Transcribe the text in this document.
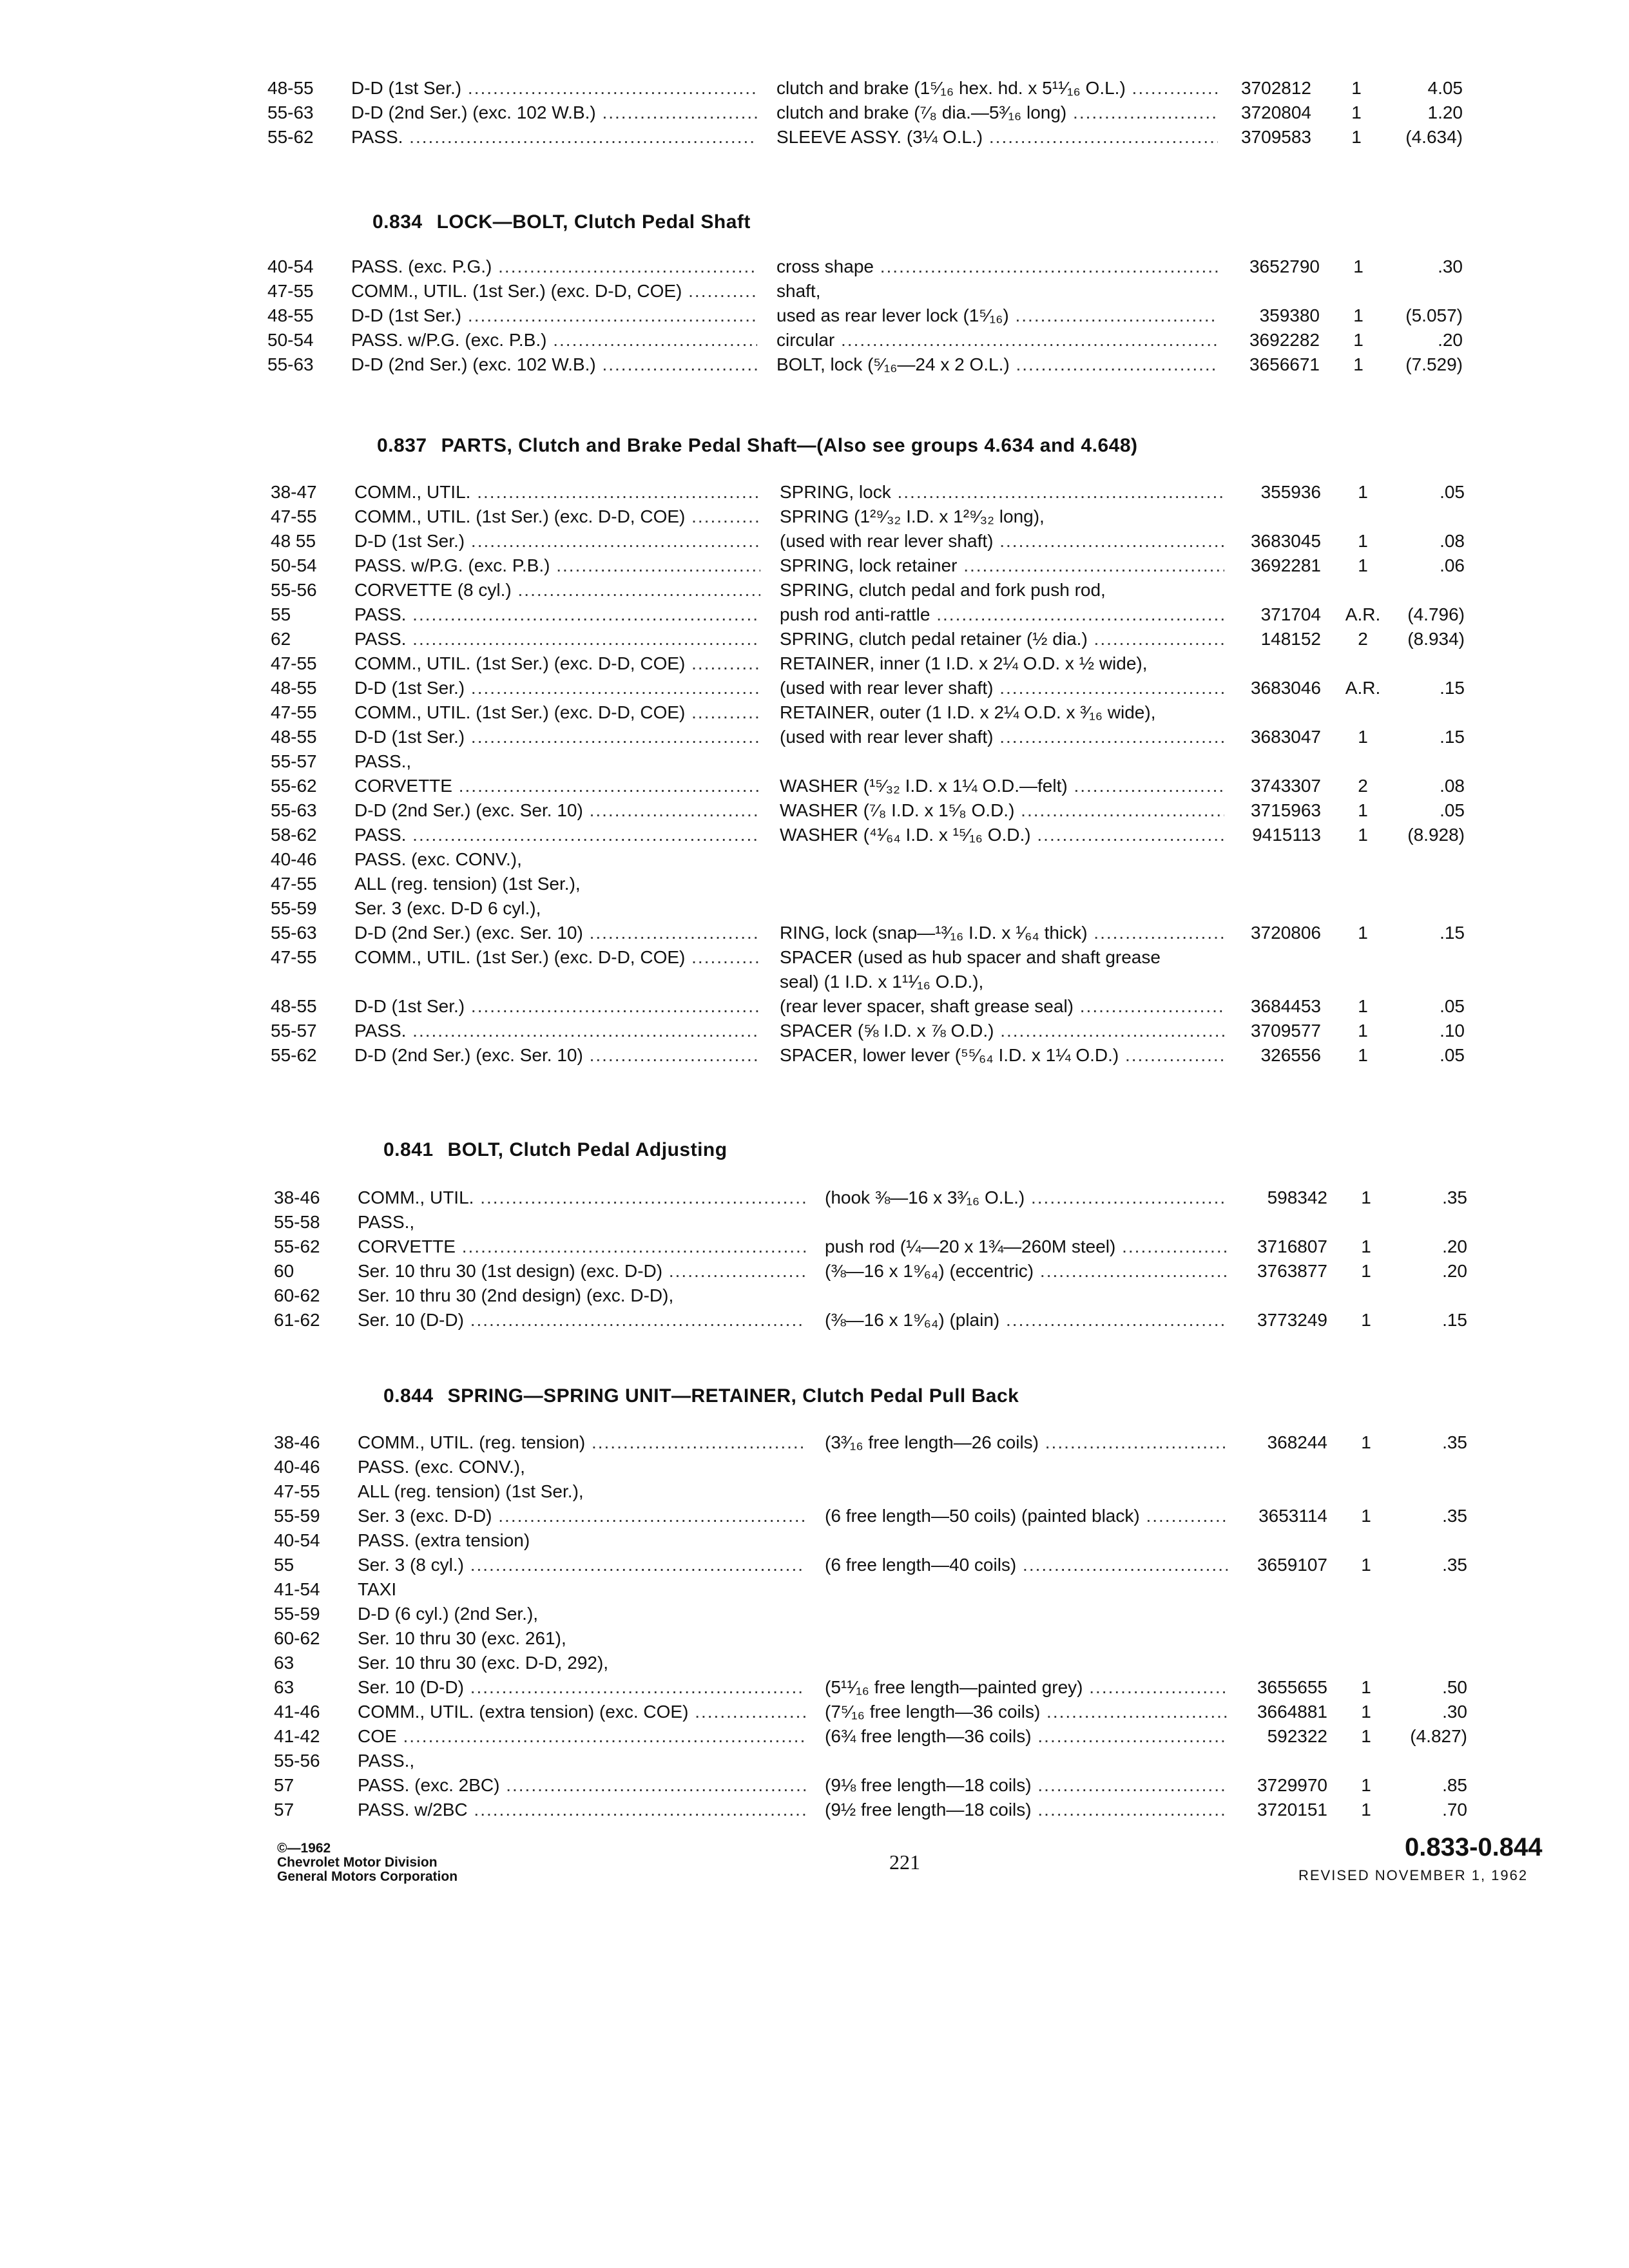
48-55	D-D (1st Ser.) .....	clutch and brake (1⁵⁄₁₆ hex. hd. x 5¹¹⁄₁₆ O.L.) .....	3702812	1	4.05
55-63	D-D (2nd Ser.) (exc. 102 W.B.) .....	clutch and brake (⁷⁄₈ dia.—5³⁄₁₆ long) .....	3720804	1	1.20
55-62	PASS. .....	SLEEVE ASSY. (3¼ O.L.) .....	3709583	1	(4.634)
0.834 LOCK—BOLT, Clutch Pedal Shaft
40-54	PASS. (exc. P.G.) .....	cross shape .....	3652790	1	.30
47-55	COMM., UTIL. (1st Ser.) (exc. D-D, COE) .....	shaft,
48-55	D-D (1st Ser.) .....	used as rear lever lock (1⁵⁄₁₆) .....	359380	1	(5.057)
50-54	PASS. w/P.G. (exc. P.B.) .....	circular .....	3692282	1	.20
55-63	D-D (2nd Ser.) (exc. 102 W.B.) .....	BOLT, lock (⁵⁄₁₆—24 x 2 O.L.) .....	3656671	1	(7.529)
0.837 PARTS, Clutch and Brake Pedal Shaft—(Also see groups 4.634 and 4.648)
38-47	COMM., UTIL. .....	SPRING, lock .....	355936	1	.05
47-55	COMM., UTIL. (1st Ser.) (exc. D-D, COE) .....	SPRING (1²⁹⁄₃₂ I.D. x 1²⁹⁄₃₂ long),
48 55	D-D (1st Ser.) .....	(used with rear lever shaft) .....	3683045	1	.08
50-54	PASS. w/P.G. (exc. P.B.) .....	SPRING, lock retainer .....	3692281	1	.06
55-56	CORVETTE (8 cyl.) .....	SPRING, clutch pedal and fork push rod,
55	PASS. .....	push rod anti-rattle .....	371704	A.R.	(4.796)
62	PASS. .....	SPRING, clutch pedal retainer (½ dia.) .....	148152	2	(8.934)
47-55	COMM., UTIL. (1st Ser.) (exc. D-D, COE) .....	RETAINER, inner (1 I.D. x 2¼ O.D. x ½ wide),
48-55	D-D (1st Ser.) .....	(used with rear lever shaft) .....	3683046	A.R.	.15
47-55	COMM., UTIL. (1st Ser.) (exc. D-D, COE) .....	RETAINER, outer (1 I.D. x 2¼ O.D. x ³⁄₁₆ wide),
48-55	D-D (1st Ser.) .....	(used with rear lever shaft) .....	3683047	1	.15
55-57	PASS.,
55-62	CORVETTE .....	WASHER (¹⁵⁄₃₂ I.D. x 1¼ O.D.—felt) .....	3743307	2	.08
55-63	D-D (2nd Ser.) (exc. Ser. 10) .....	WASHER (⁷⁄₈ I.D. x 1⁵⁄₈ O.D.) .....	3715963	1	.05
58-62	PASS. .....	WASHER (⁴¹⁄₆₄ I.D. x ¹⁵⁄₁₆ O.D.) .....	9415113	1	(8.928)
40-46	PASS. (exc. CONV.),
47-55	ALL (reg. tension) (1st Ser.),
55-59	Ser. 3 (exc. D-D 6 cyl.),
55-63	D-D (2nd Ser.) (exc. Ser. 10) .....	RING, lock (snap—¹³⁄₁₆ I.D. x ¹⁄₆₄ thick) .....	3720806	1	.15
47-55	COMM., UTIL. (1st Ser.) (exc. D-D, COE) .....	SPACER (used as hub spacer and shaft grease
seal) (1 I.D. x 1¹¹⁄₁₆ O.D.),
48-55	D-D (1st Ser.) .....	(rear lever spacer, shaft grease seal) .....	3684453	1	.05
55-57	PASS. .....	SPACER (⅝ I.D. x ⅞ O.D.) .....	3709577	1	.10
55-62	D-D (2nd Ser.) (exc. Ser. 10) .....	SPACER, lower lever (⁵⁵⁄₆₄ I.D. x 1¼ O.D.) .....	326556	1	.05
0.841 BOLT, Clutch Pedal Adjusting
38-46	COMM., UTIL. .....	(hook ⅜—16 x 3³⁄₁₆ O.L.) .....	598342	1	.35
55-58	PASS.,
55-62	CORVETTE .....	push rod (¼—20 x 1¾—260M steel) .....	3716807	1	.20
60	Ser. 10 thru 30 (1st design) (exc. D-D) .....	(⅜—16 x 1⁹⁄₆₄) (eccentric) .....	3763877	1	.20
60-62	Ser. 10 thru 30 (2nd design) (exc. D-D),
61-62	Ser. 10 (D-D) .....	(⅜—16 x 1⁹⁄₆₄) (plain) .....	3773249	1	.15
0.844 SPRING—SPRING UNIT—RETAINER, Clutch Pedal Pull Back
38-46	COMM., UTIL. (reg. tension) .....	(3³⁄₁₆ free length—26 coils) .....	368244	1	.35
40-46	PASS. (exc. CONV.),
47-55	ALL (reg. tension) (1st Ser.),
55-59	Ser. 3 (exc. D-D) .....	(6 free length—50 coils) (painted black) .....	3653114	1	.35
40-54	PASS. (extra tension)
55	Ser. 3 (8 cyl.) .....	(6 free length—40 coils) .....	3659107	1	.35
41-54	TAXI
55-59	D-D (6 cyl.) (2nd Ser.),
60-62	Ser. 10 thru 30 (exc. 261),
63	Ser. 10 thru 30 (exc. D-D, 292),
63	Ser. 10 (D-D) .....	(5¹¹⁄₁₆ free length—painted grey) .....	3655655	1	.50
41-46	COMM., UTIL. (extra tension) (exc. COE) .....	(7⁵⁄₁₆ free length—36 coils) .....	3664881	1	.30
41-42	COE .....	(6¾ free length—36 coils) .....	592322	1	(4.827)
55-56	PASS.,
57	PASS. (exc. 2BC) .....	(9⅛ free length—18 coils) .....	3729970	1	.85
57	PASS. w/2BC .....	(9½ free length—18 coils) .....	3720151	1	.70
©—1962
Chevrolet Motor Division
General Motors Corporation
221
0.833-0.844
REVISED NOVEMBER 1, 1962
